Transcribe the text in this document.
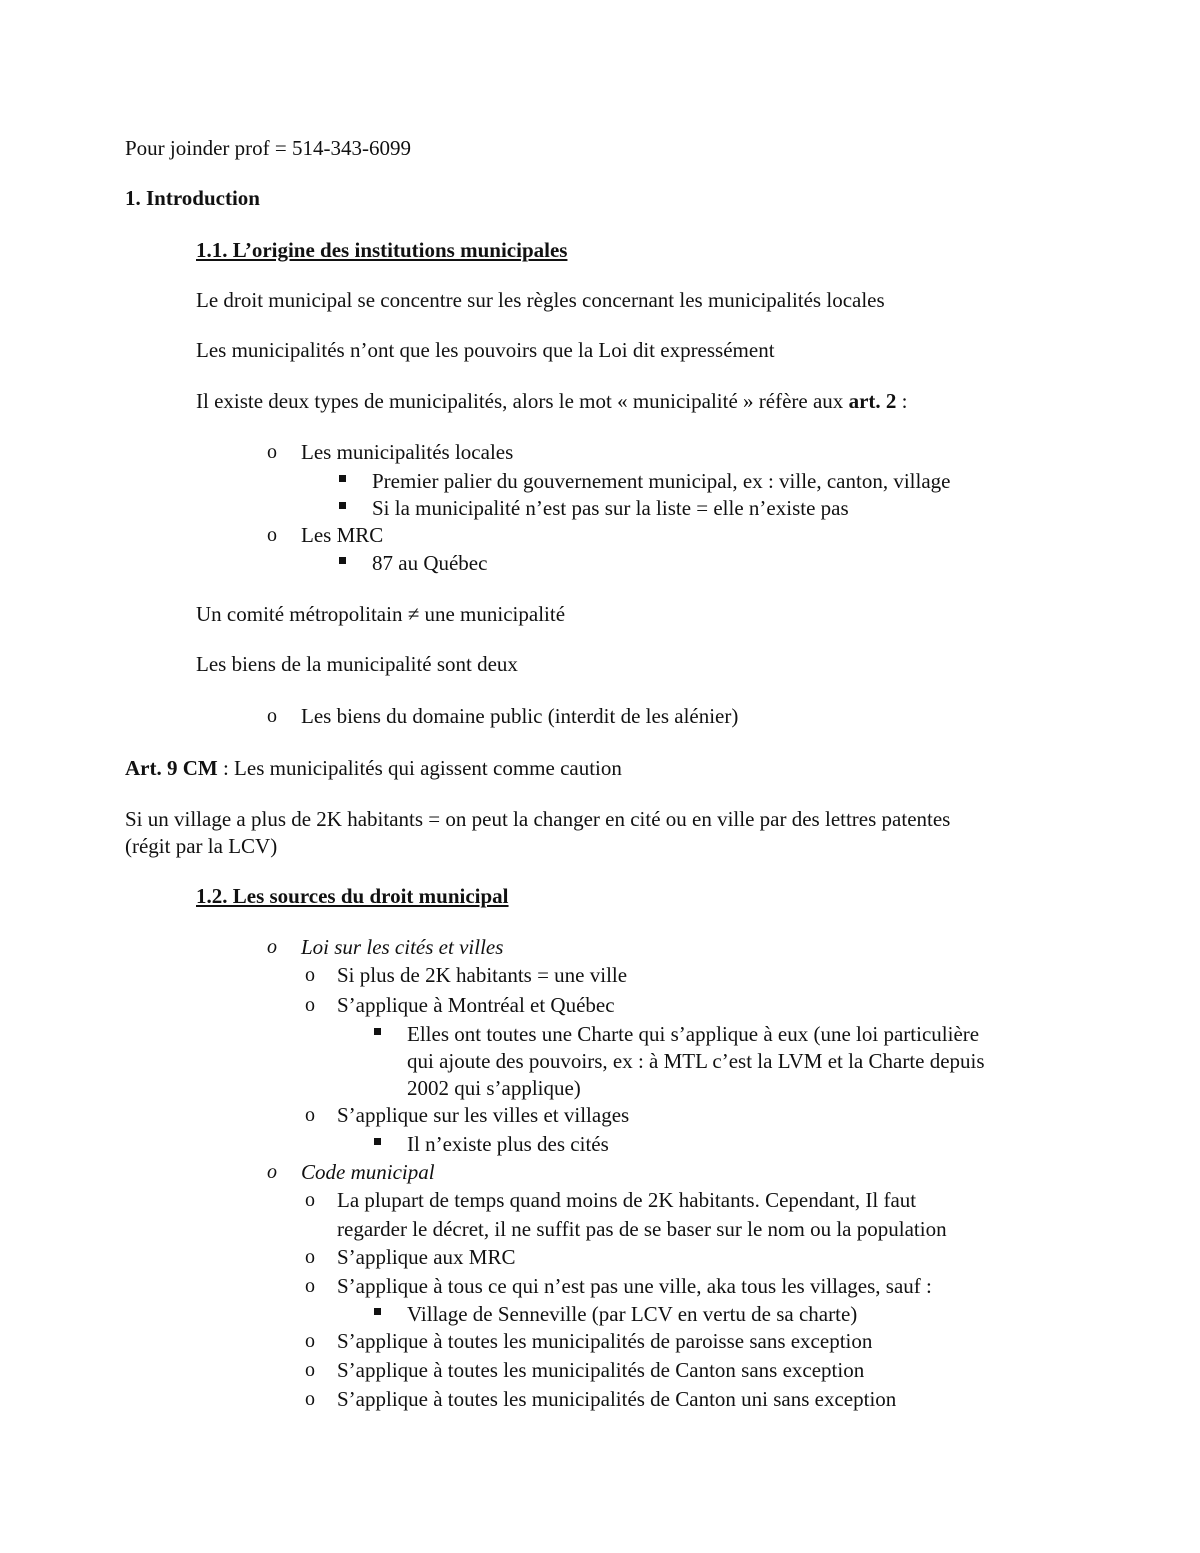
Pour joinder prof = 514-343-6099
1. Introduction
1.1. L’origine des institutions municipales
Le droit municipal se concentre sur les règles concernant les municipalités locales
Les municipalités n’ont que les pouvoirs que la Loi dit expressément
Il existe deux types de municipalités, alors le mot « municipalité » réfère aux art. 2 :
o Les municipalités locales
Premier palier du gouvernement municipal, ex : ville, canton, village
Si la municipalité n’est pas sur la liste = elle n’existe pas
o Les MRC
87 au Québec
Un comité métropolitain ≠ une municipalité
Les biens de la municipalité sont deux
o Les biens du domaine public (interdit de les alénier)
Art. 9 CM : Les municipalités qui agissent comme caution
Si un village a plus de 2K habitants = on peut la changer en cité ou en ville par des lettres patentes
(régit par la LCV)
1.2. Les sources du droit municipal
o Loi sur les cités et villes
o Si plus de 2K habitants = une ville
o S’applique à Montréal et Québec
Elles ont toutes une Charte qui s’applique à eux (une loi particulière
qui ajoute des pouvoirs, ex : à MTL c’est la LVM et la Charte depuis
2002 qui s’applique)
o S’applique sur les villes et villages
Il n’existe plus des cités
o Code municipal
o La plupart de temps quand moins de 2K habitants. Cependant, Il faut
regarder le décret, il ne suffit pas de se baser sur le nom ou la population
o S’applique aux MRC
o S’applique à tous ce qui n’est pas une ville, aka tous les villages, sauf :
Village de Senneville (par LCV en vertu de sa charte)
o S’applique à toutes les municipalités de paroisse sans exception
o S’applique à toutes les municipalités de Canton sans exception
o S’applique à toutes les municipalités de Canton uni sans exception
